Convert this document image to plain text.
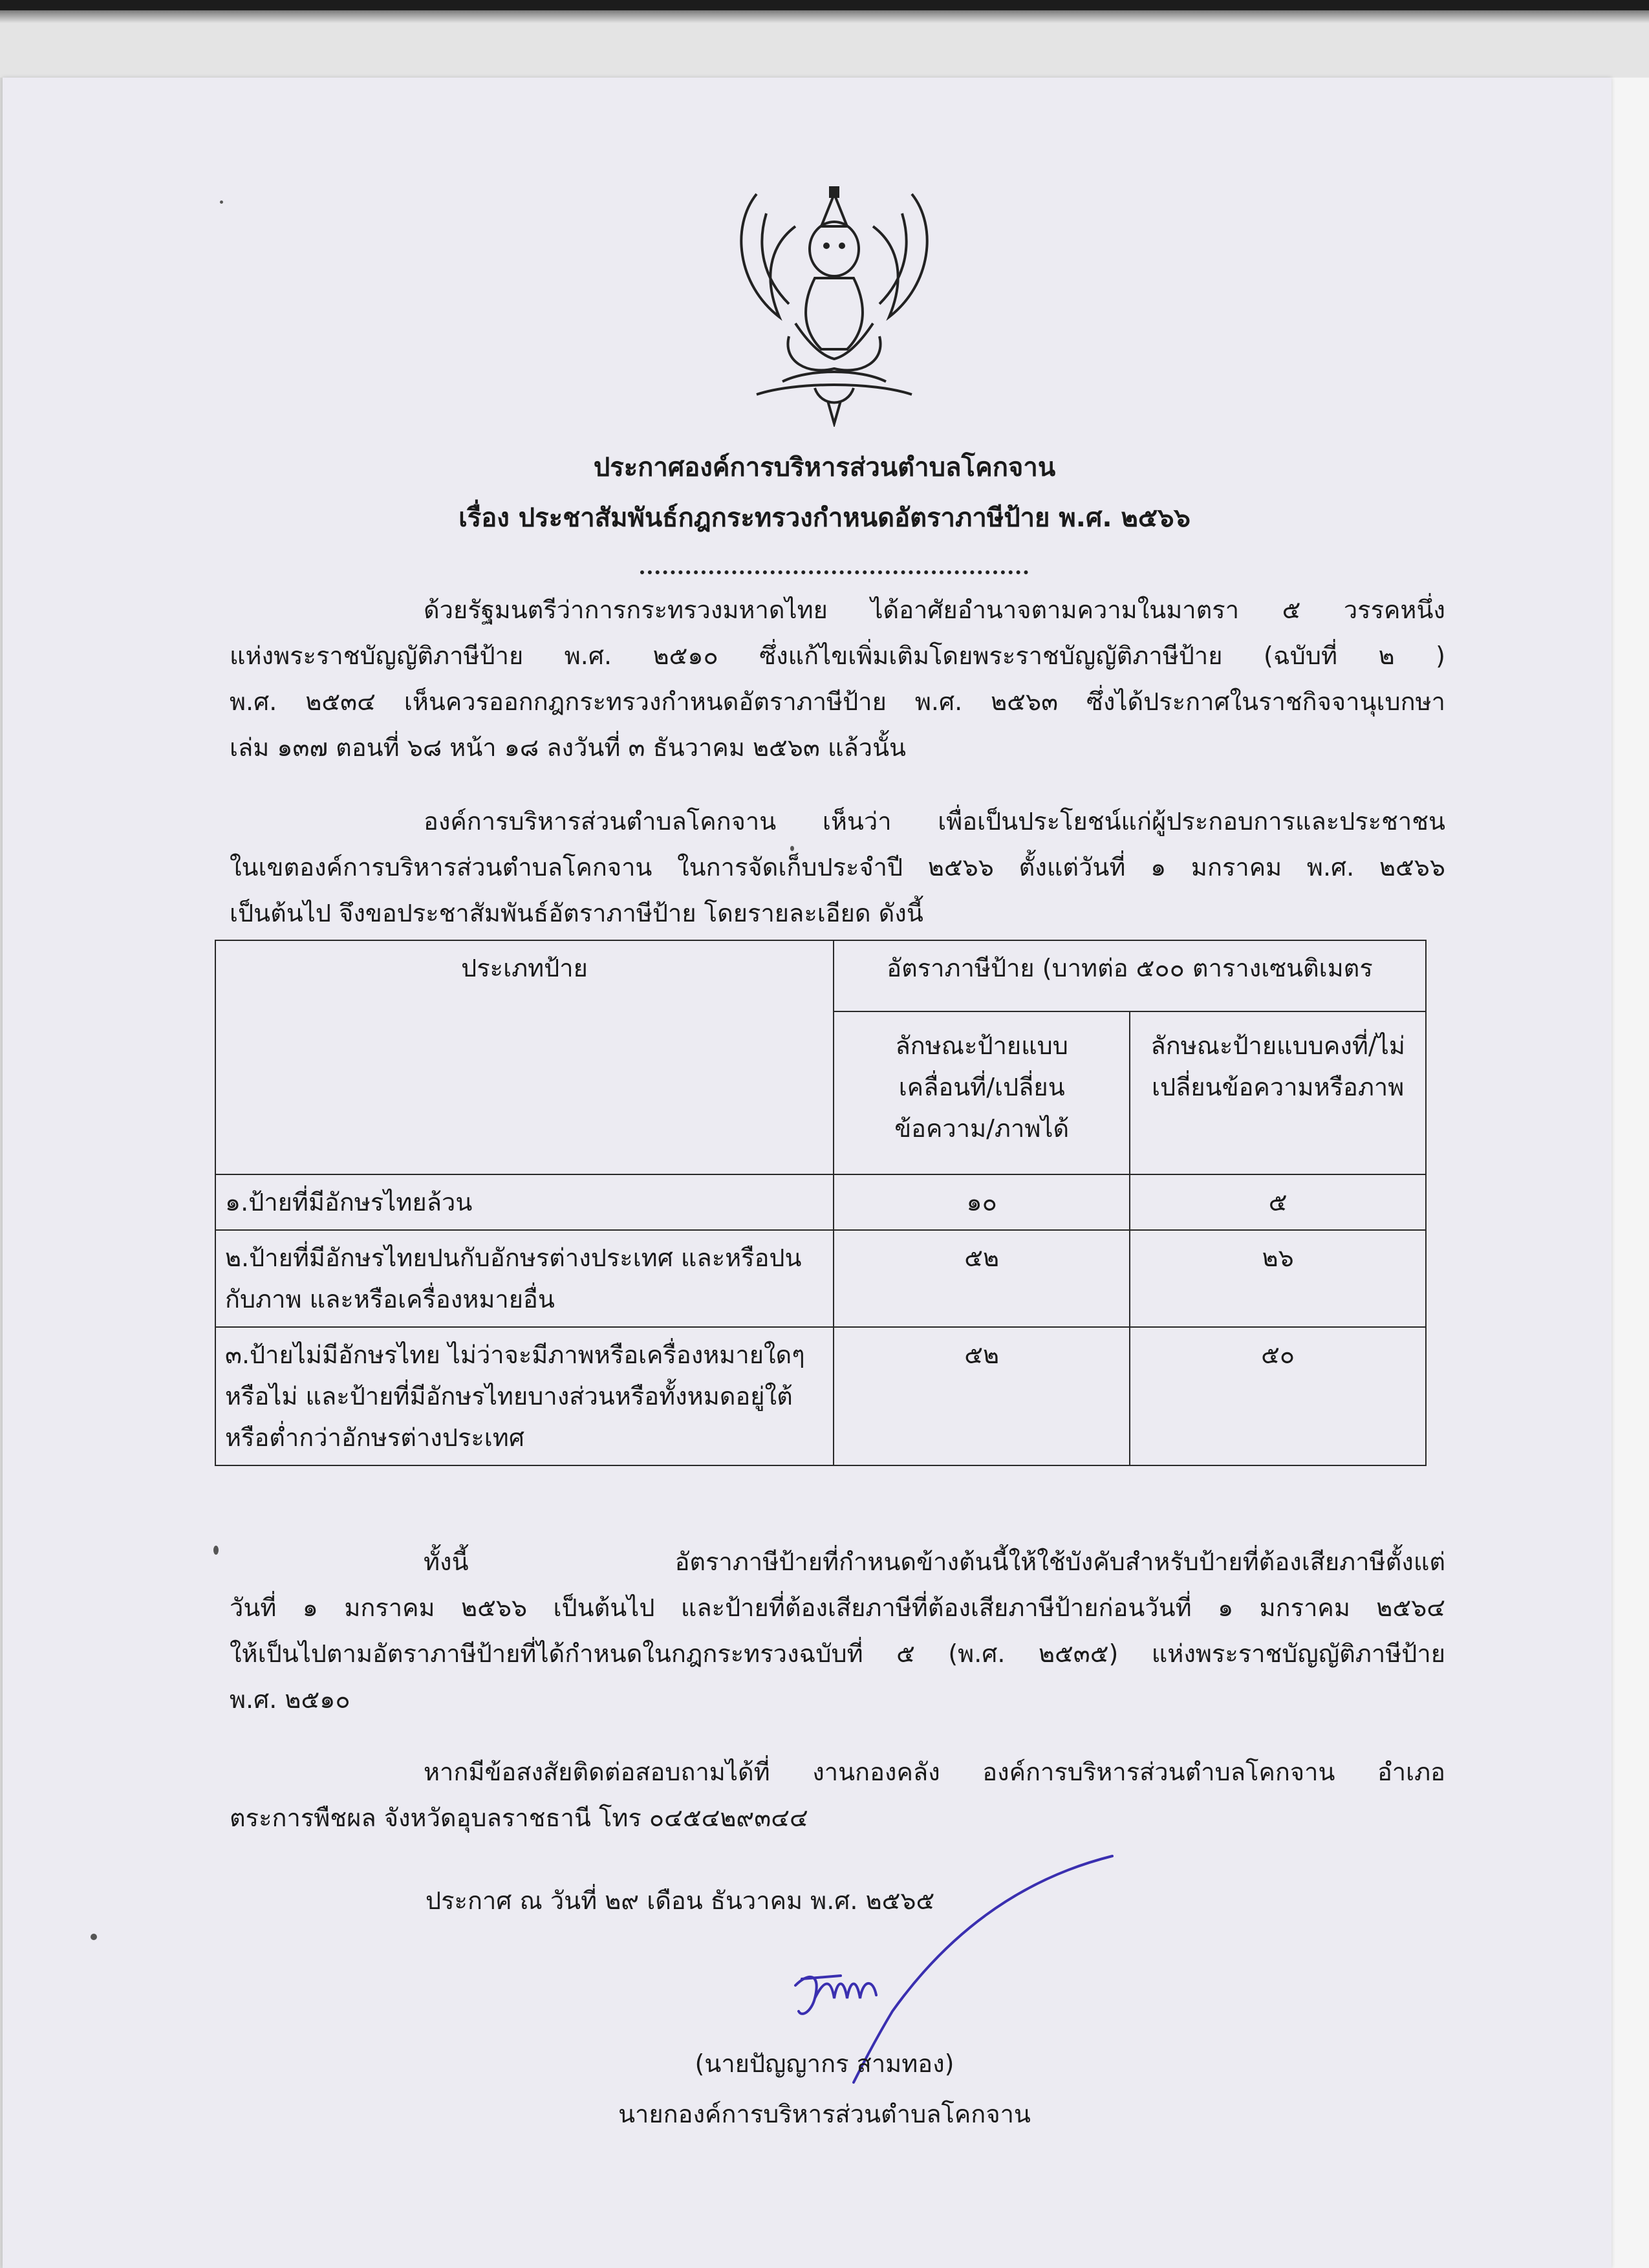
ประกาศองค์การบริหารส่วนตำบลโคกจาน
เรื่อง ประชาสัมพันธ์กฎกระทรวงกำหนดอัตราภาษีป้าย พ.ศ. ๒๕๖๖

ด้วยรัฐมนตรีว่าการกระทรวงมหาดไทย ได้อาศัยอำนาจตามความในมาตรา ๕ วรรคหนึ่ง

แห่งพระราชบัญญัติภาษีป้าย พ.ศ. ๒๕๑๐ ซึ่งแก้ไขเพิ่มเติมโดยพระราชบัญญัติภาษีป้าย (ฉบับที่ ๒ )

พ.ศ. ๒๕๓๔ เห็นควรออกกฎกระทรวงกำหนดอัตราภาษีป้าย พ.ศ. ๒๕๖๓ ซึ่งได้ประกาศในราชกิจจานุเบกษา

เล่ม ๑๓๗ ตอนที่ ๖๘ หน้า ๑๘ ลงวันที่ ๓ ธันวาคม ๒๕๖๓ แล้วนั้น

องค์การบริหารส่วนตำบลโคกจาน เห็นว่า เพื่อเป็นประโยชน์แก่ผู้ประกอบการและประชาชน

ในเขตองค์การบริหารส่วนตำบลโคกจาน ในการจัดเก็บประจำปี ๒๕๖๖ ตั้งแต่วันที่ ๑ มกราคม พ.ศ. ๒๕๖๖

เป็นต้นไป จึงขอประชาสัมพันธ์อัตราภาษีป้าย โดยรายละเอียด ดังนี้

ประเภทป้าย	อัตราภาษีป้าย (บาทต่อ ๕๐๐ ตารางเซนติเมตร	
	ลักษณะป้ายแบบเคลื่อนที่/เปลี่ยนข้อความ/ภาพได้	ลักษณะป้ายแบบคงที่/ไม่เปลี่ยนข้อความหรือภาพ
๑.ป้ายที่มีอักษรไทยล้วน	๑๐	๕
๒.ป้ายที่มีอักษรไทยปนกับอักษรต่างประเทศ และหรือปนกับภาพ และหรือเครื่องหมายอื่น	๕๒	๒๖
๓.ป้ายไม่มีอักษรไทย ไม่ว่าจะมีภาพหรือเครื่องหมายใดๆ หรือไม่ และป้ายที่มีอักษรไทยบางส่วนหรือทั้งหมดอยู่ใต้หรือต่ำกว่าอักษรต่างประเทศ	๕๒	๕๐

ทั้งนี้ อัตราภาษีป้ายที่กำหนดข้างต้นนี้ให้ใช้บังคับสำหรับป้ายที่ต้องเสียภาษีตั้งแต่

วันที่ ๑ มกราคม ๒๕๖๖ เป็นต้นไป และป้ายที่ต้องเสียภาษีที่ต้องเสียภาษีป้ายก่อนวันที่ ๑ มกราคม ๒๕๖๔

ให้เป็นไปตามอัตราภาษีป้ายที่ได้กำหนดในกฎกระทรวงฉบับที่ ๕ (พ.ศ. ๒๕๓๕) แห่งพระราชบัญญัติภาษีป้าย

พ.ศ. ๒๕๑๐

หากมีข้อสงสัยติดต่อสอบถามได้ที่ งานกองคลัง องค์การบริหารส่วนตำบลโคกจาน อำเภอ

ตระการพืชผล จังหวัดอุบลราชธานี โทร ๐๔๕๔๒๙๓๔๔

ประกาศ ณ วันที่ ๒๙ เดือน ธันวาคม พ.ศ. ๒๕๖๕
(นายปัญญากร สามทอง)
นายกองค์การบริหารส่วนตำบลโคกจาน
